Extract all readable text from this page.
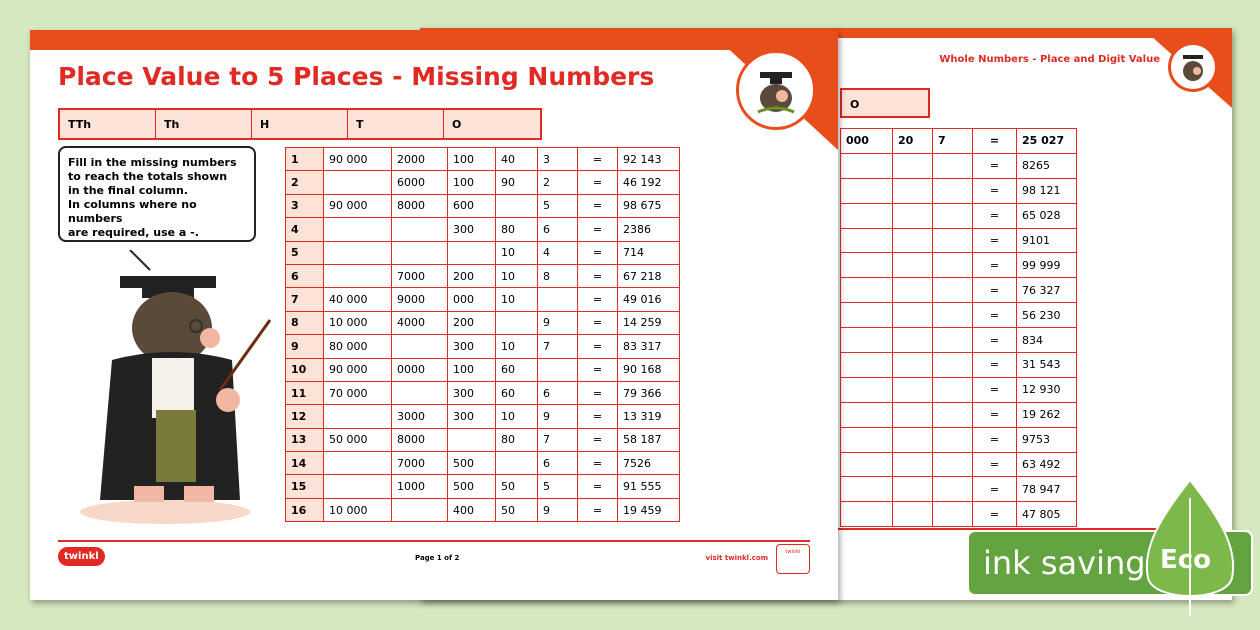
Whole Numbers - Place and Digit Value
O
000	20	7	=	25 027
			=	8265
			=	98 121
			=	65 028
			=	9101
			=	99 999
			=	76 327
			=	56 230
			=	834
			=	31 543
			=	12 930
			=	19 262
			=	9753
			=	63 492
			=	78 947
			=	47 805
Place Value to 5 Places - Missing Numbers
TTh	Th	H	T	O
Fill in the missing numbers
to reach the totals shown
in the final column.
In columns where no numbers
are required, use a -.
1	90 000	2000	100	40	3	=	92 143
2		6000	100	90	2	=	46 192
3	90 000	8000	600		5	=	98 675
4			300	80	6	=	2386
5				10	4	=	714
6		7000	200	10	8	=	67 218
7	40 000	9000	000	10		=	49 016
8	10 000	4000	200		9	=	14 259
9	80 000		300	10	7	=	83 317
10	90 000	0000	100	60		=	90 168
11	70 000		300	60	6	=	79 366
12		3000	300	10	9	=	13 319
13	50 000	8000		80	7	=	58 187
14		7000	500		6	=	7526
15		1000	500	50	5	=	91 555
16	10 000		400	50	9	=	19 459
twinkl	Page 1 of 2	visit twinkl.com
twinkl	ink saving Eco
